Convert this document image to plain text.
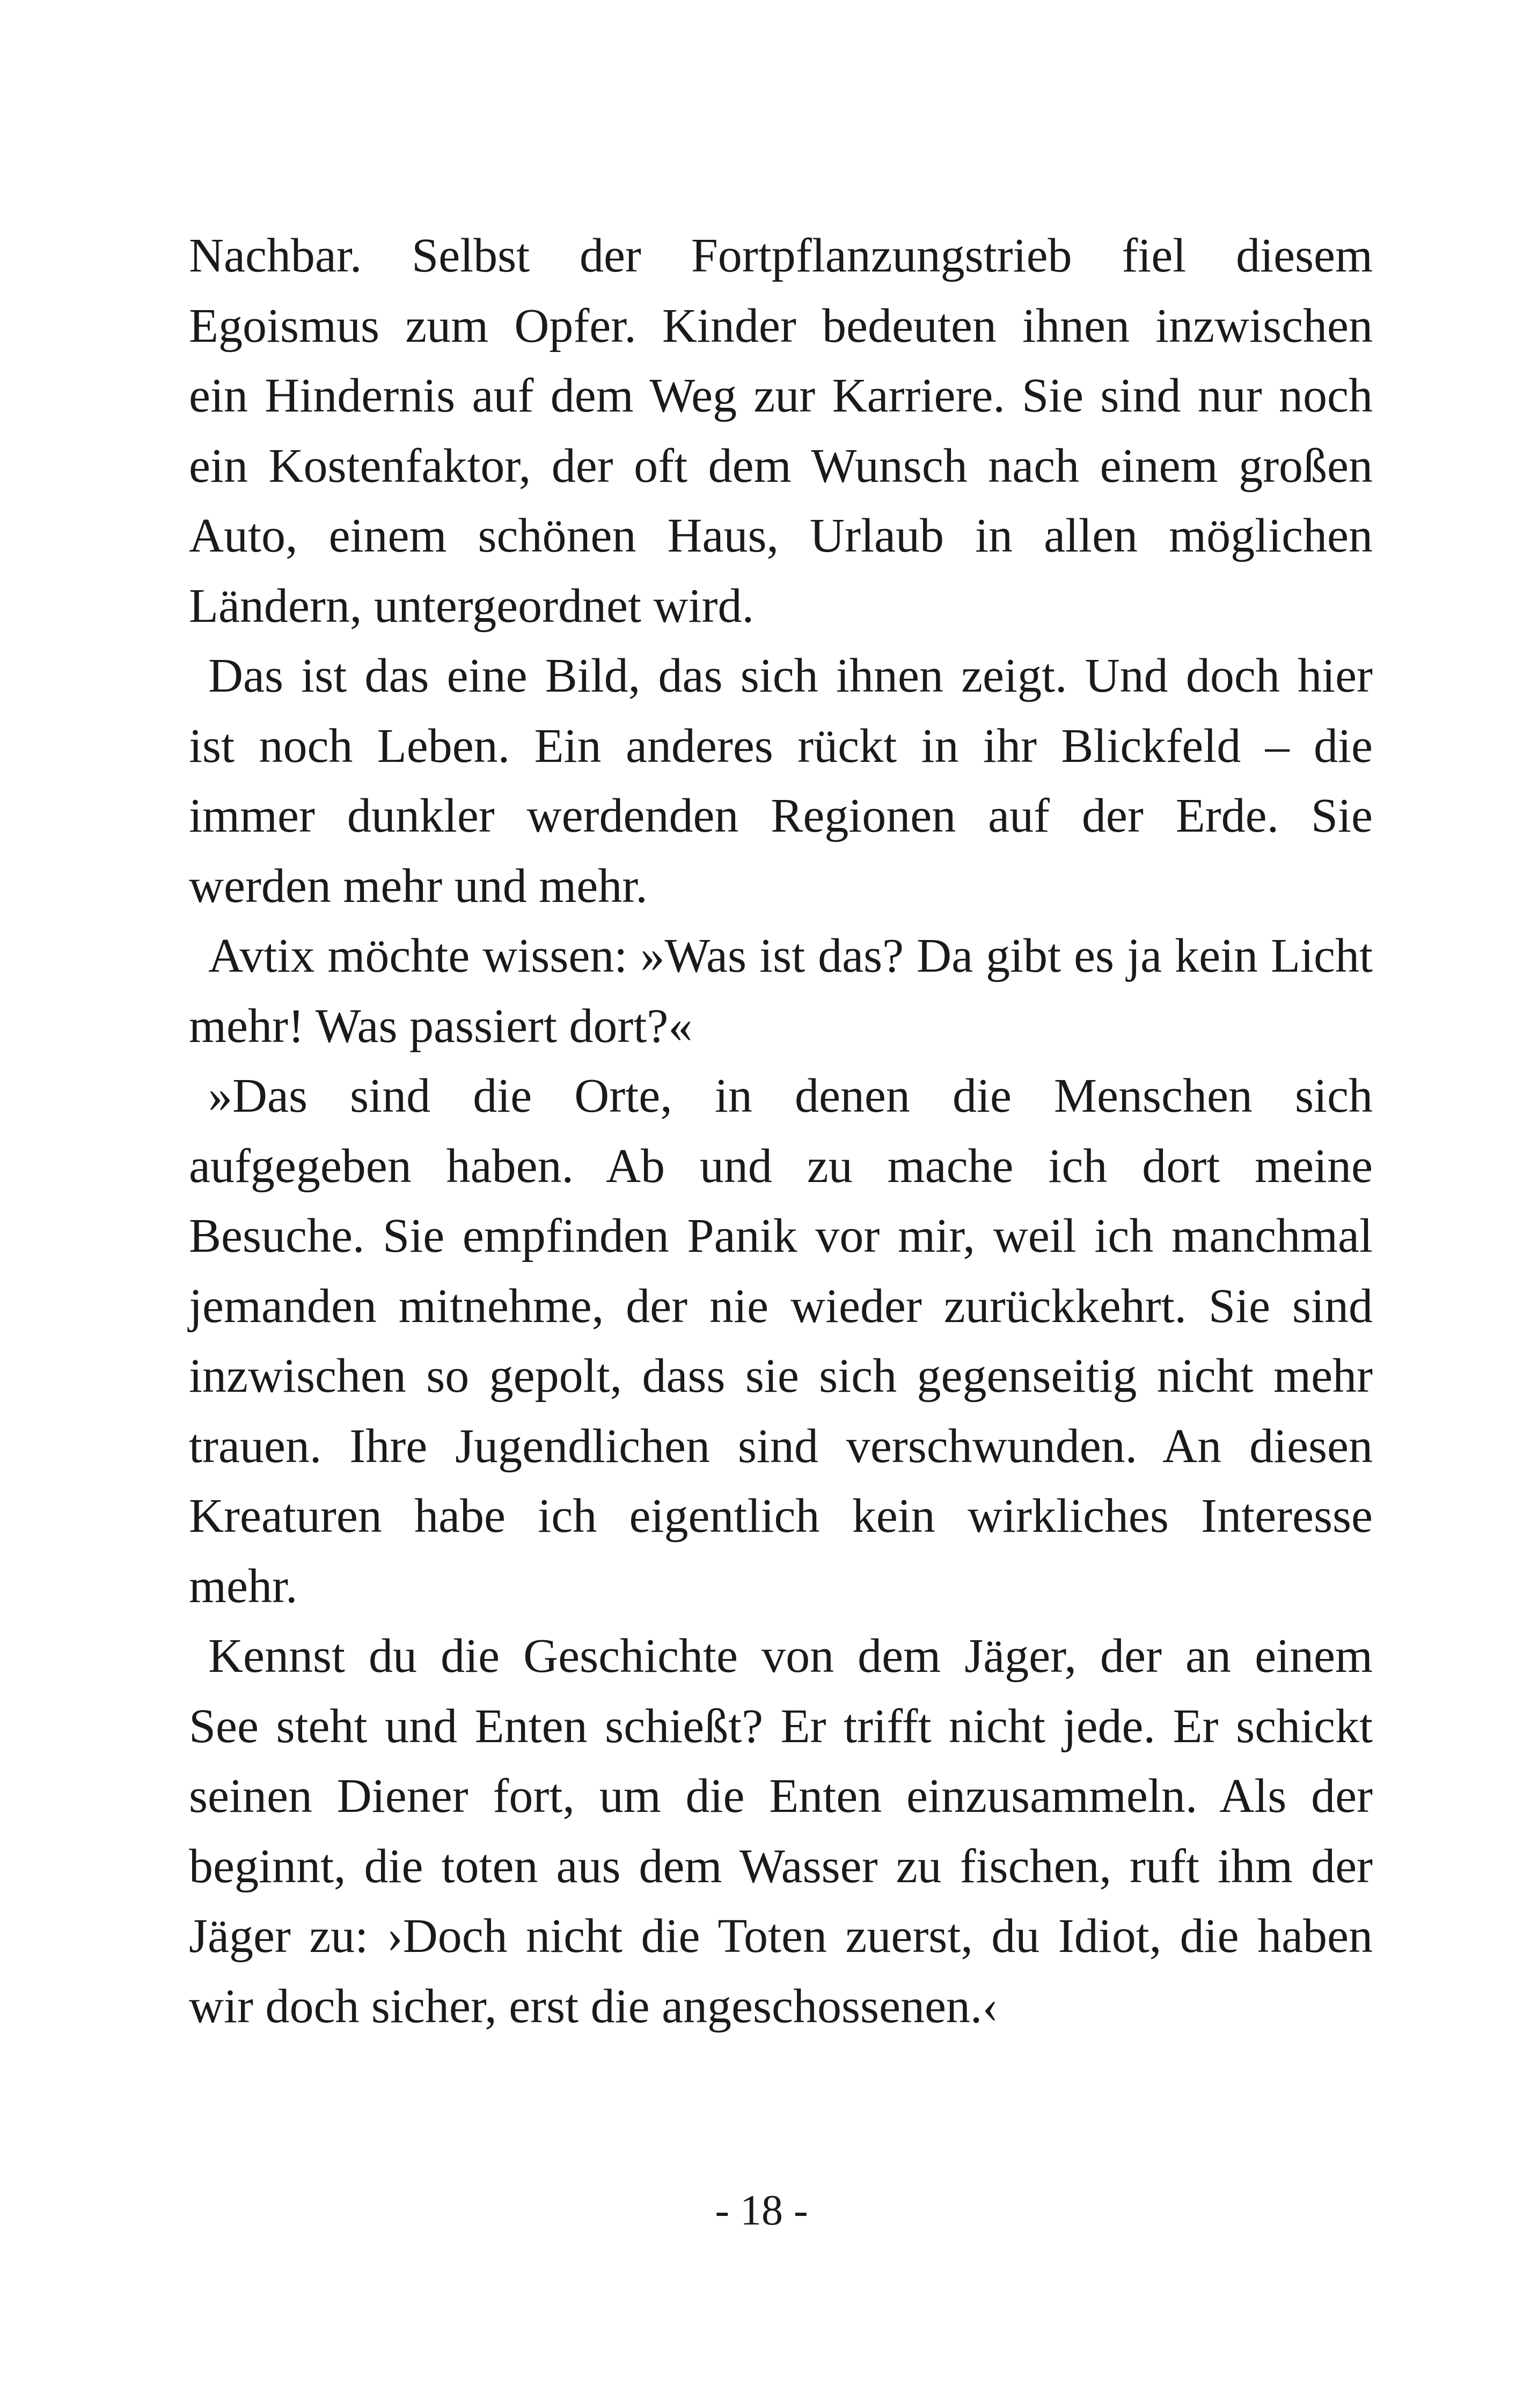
Nachbar. Selbst der Fortpflanzungstrieb fiel diesem
Egoismus zum Opfer. Kinder bedeuten ihnen inzwischen
ein Hindernis auf dem Weg zur Karriere. Sie sind nur noch
ein Kostenfaktor, der oft dem Wunsch nach einem großen
Auto, einem schönen Haus, Urlaub in allen möglichen
Ländern, untergeordnet wird.
Das ist das eine Bild, das sich ihnen zeigt. Und doch hier
ist noch Leben. Ein anderes rückt in ihr Blickfeld – die
immer dunkler werdenden Regionen auf der Erde. Sie
werden mehr und mehr.
Avtix möchte wissen: »Was ist das? Da gibt es ja kein Licht
mehr! Was passiert dort?«
»Das sind die Orte, in denen die Menschen sich
aufgegeben haben. Ab und zu mache ich dort meine
Besuche. Sie empfinden Panik vor mir, weil ich manchmal
jemanden mitnehme, der nie wieder zurückkehrt. Sie sind
inzwischen so gepolt, dass sie sich gegenseitig nicht mehr
trauen. Ihre Jugendlichen sind verschwunden. An diesen
Kreaturen habe ich eigentlich kein wirkliches Interesse
mehr.
Kennst du die Geschichte von dem Jäger, der an einem
See steht und Enten schießt? Er trifft nicht jede. Er schickt
seinen Diener fort, um die Enten einzusammeln. Als der
beginnt, die toten aus dem Wasser zu fischen, ruft ihm der
Jäger zu: ›Doch nicht die Toten zuerst, du Idiot, die haben
wir doch sicher, erst die angeschossenen.‹
- 18 -
